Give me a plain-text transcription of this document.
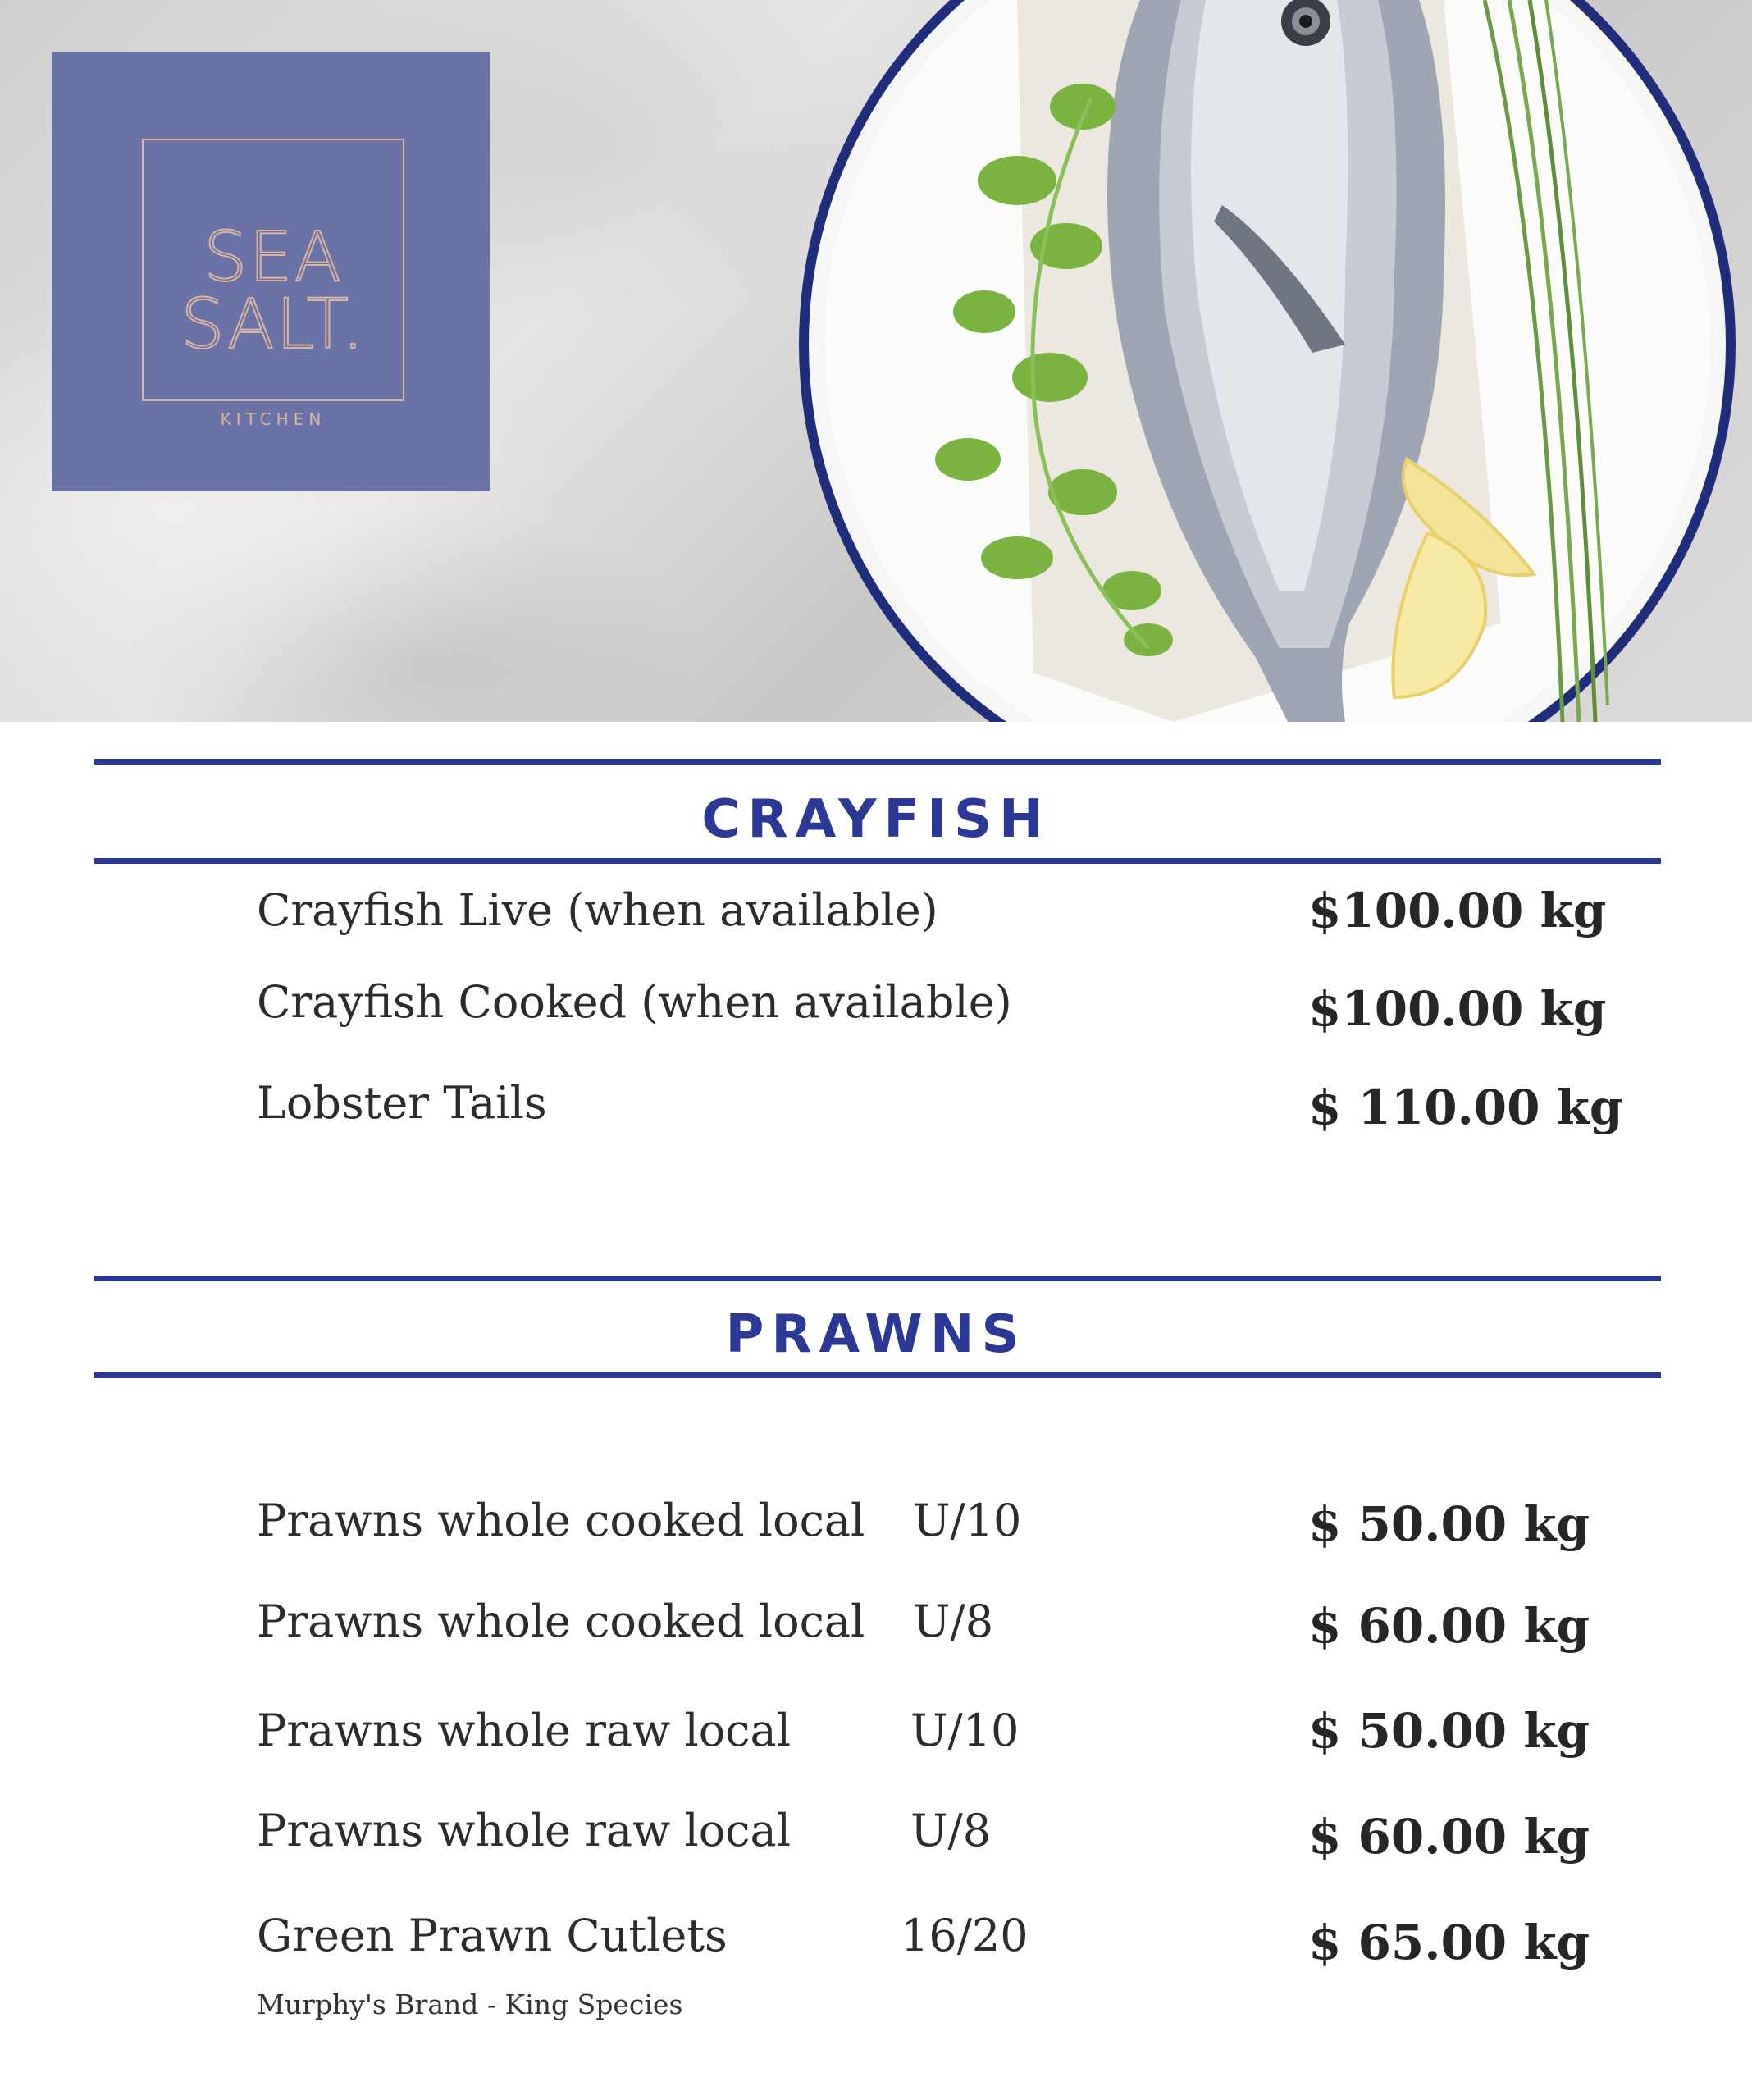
SEA
SALT.
KITCHEN
CRAYFISH
Crayfish Live (when available)	$100.00 kg
Crayfish Cooked (when available)	$100.00 kg
Lobster Tails	$ 110.00 kg
PRAWNS
Prawns whole cooked local U/10	$ 50.00 kg
Prawns whole cooked local U/8	$ 60.00 kg
Prawns whole raw local	U/10	$ 50.00 kg
Prawns whole raw local	U/8	$ 60.00 kg
Green Prawn Cutlets	16/20	$ 65.00 kg
Murphy's Brand - King Species
